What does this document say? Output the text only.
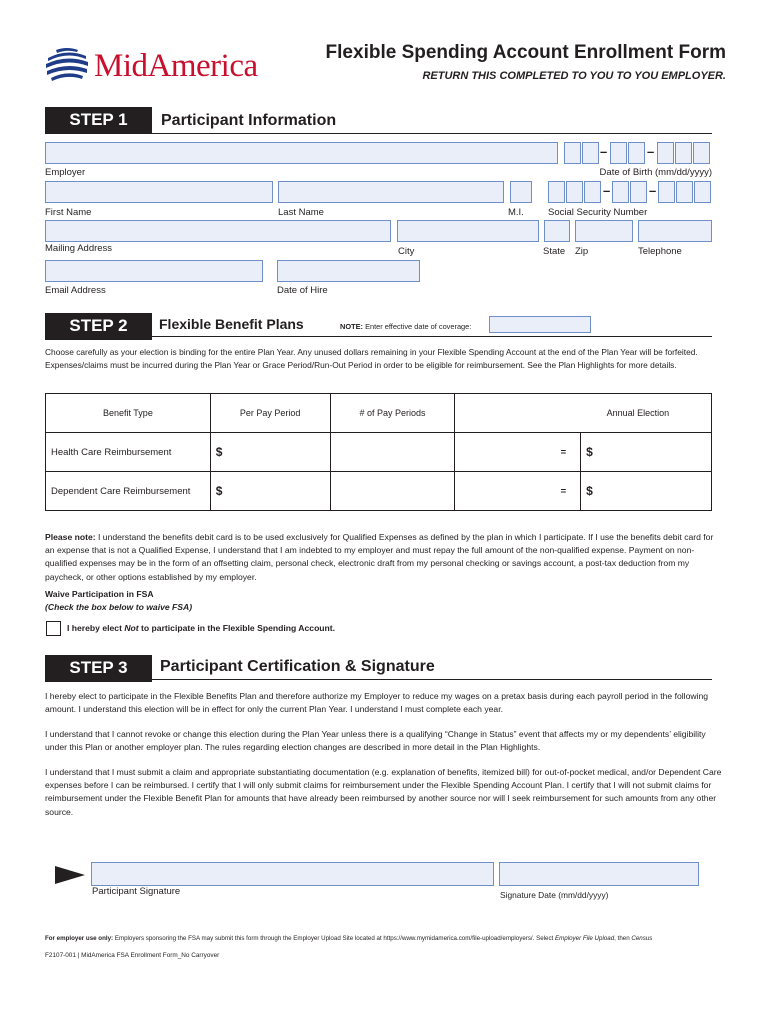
MidAmerica	Flexible Spending Account Enrollment Form
RETURN THIS COMPLETED TO YOU TO YOU EMPLOYER.
STEP 1	Participant Information
Employer
–	–
Date of Birth (mm/dd/yyyy)
First Name	Last Name	M.I.
–	–
Social Security Number
Mailing Address	City	State Zip	Telephone
Email Address	Date of Hire
STEP 2	Flexible Benefit Plans	NOTE: Enter effective date of coverage:
Choose carefully as your election is binding for the entire Plan Year. Any unused dollars remaining in your Flexible Spending Account at the end of the Plan Year will be forfeited.
Expenses/claims must be incurred during the Plan Year or Grace Period/Run-Out Period in order to be eligible for reimbursement. See the Plan Highlights for more details.
Benefit Type	Per Pay Period	# of Pay Periods		Annual Election
Health Care Reimbursement	$		=	$
Dependent Care Reimbursement	$		=	$
Please note: I understand the benefits debit card is to be used exclusively for Qualified Expenses as defined by the plan in which I participate. If I use the benefits debit card for an expense that is not a Qualified Expense, I understand that I am indebted to my employer and must repay the full amount of the non-qualified expense. Payment on non-qualified expenses may be in the form of an offsetting claim, personal check, electronic draft from my personal checking or savings account, a post-tax deduction from my paycheck, or other options established by my employer.
Waive Participation in FSA
(Check the box below to waive FSA)
I hereby elect Not to participate in the Flexible Spending Account.
STEP 3	Participant Certification & Signature
I hereby elect to participate in the Flexible Benefits Plan and therefore authorize my Employer to reduce my wages on a pretax basis during each payroll period in the following amount. I understand this election will be in effect for only the current Plan Year. I understand I must complete each year.
I understand that I cannot revoke or change this election during the Plan Year unless there is a qualifying “Change in Status” event that affects my or my dependents’ eligibility under this Plan or another employer plan. The rules regarding election changes are described in more detail in the Plan Highlights.
I understand that I must submit a claim and appropriate substantiating documentation (e.g. explanation of benefits, itemized bill) for out-of-pocket medical, and/or Dependent Care expenses before I can be reimbursed. I certify that I will only submit claims for reimbursement under the Flexible Spending Account Plan. I certify that I will not submit claims for reimbursement under the Flexible Benefit Plan for amounts that have already been reimbursed by another source nor will I seek reimbursement for such amounts from any other source.
Participant Signature	Signature Date (mm/dd/yyyy)
For employer use only: Employers sponsoring the FSA may submit this form through the Employer Upload Site located at https://www.mymidamerica.com/file-upload/employers/. Select Employer File Upload, then Census
F2107-001 | MidAmerica FSA Enrollment Form_No Carryover
